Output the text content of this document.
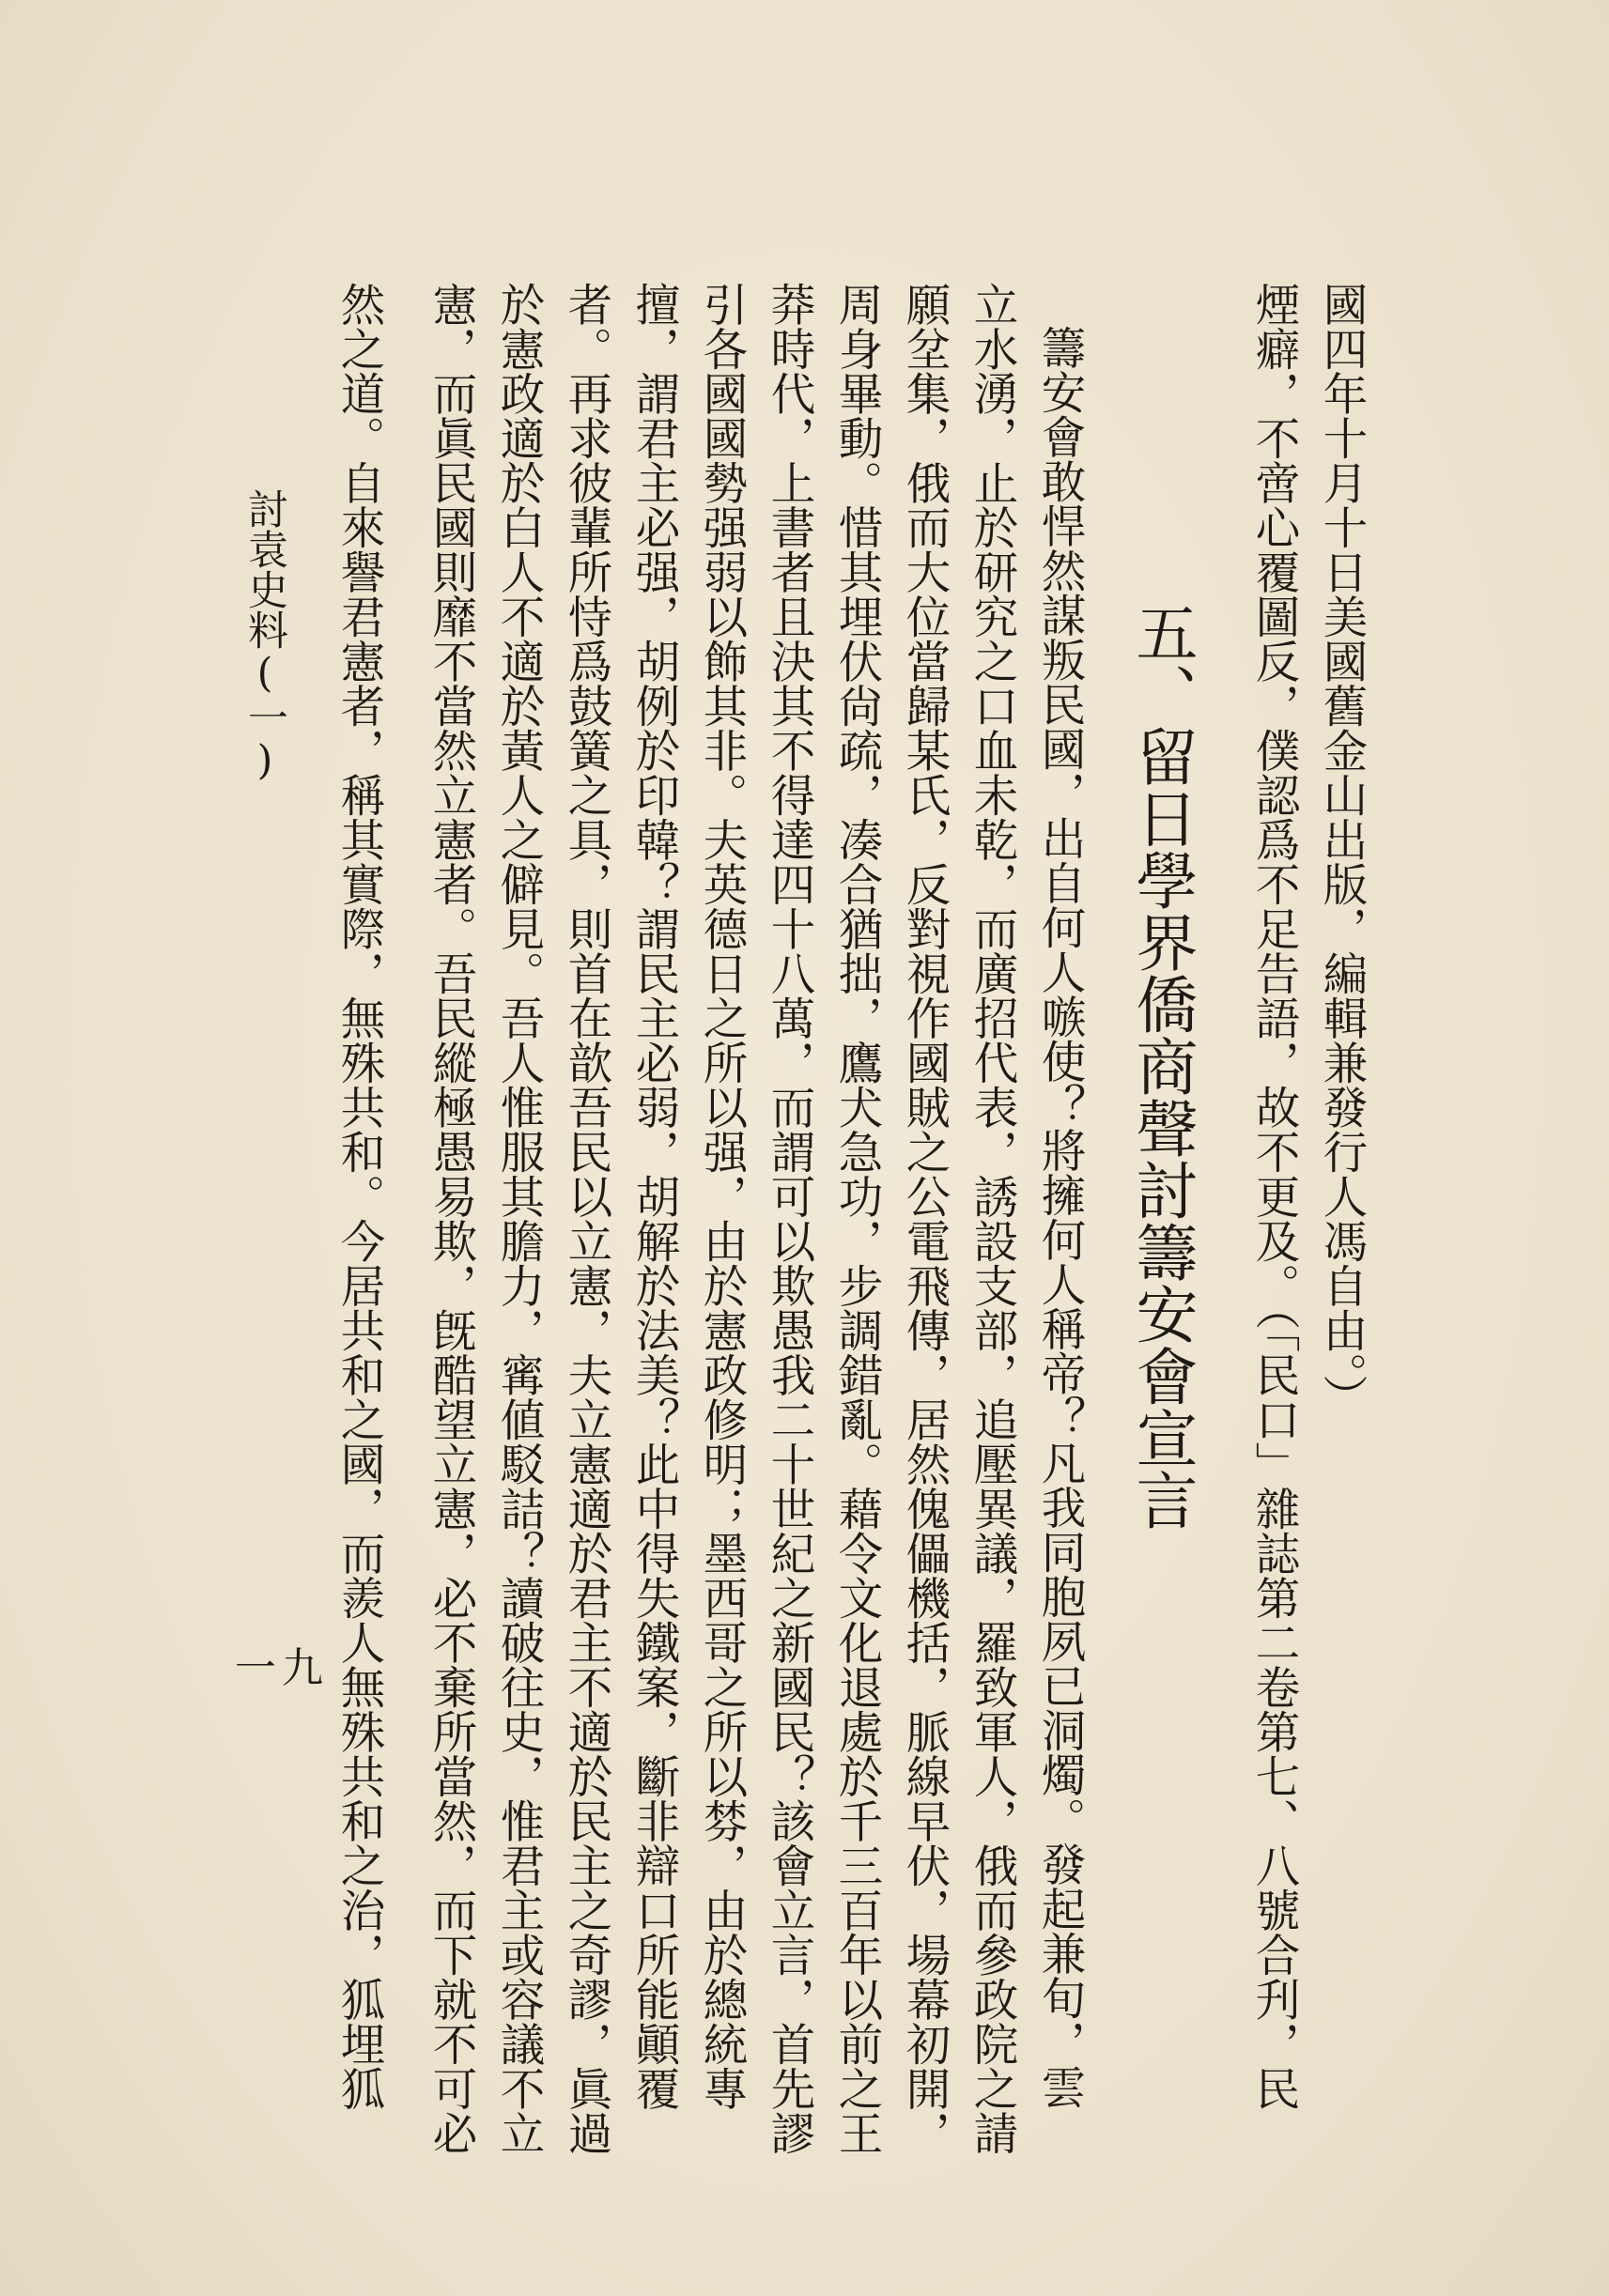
國四年十月十日美國舊金山出版，編輯兼發行人馮自由。）
煙癖，不啻心覆圖反，僕認爲不足告語，故不更及。（「民口」雜誌第二卷第七、八號合刋，民
五、留日學界僑商聲討籌安會宣言
籌安會敢悍然謀叛民國，出自何人嗾使？將擁何人稱帝？凡我同胞夙已洞燭。發起兼旬，雲
立水湧，止於研究之口血未乾，而廣招代表，誘設支部，追壓異議，羅致軍人，俄而參政院之請
願坌集，俄而大位當歸某氏，反對視作國賊之公電飛傳，居然傀儡機括，脈線早伏，場幕初開，
周身畢動。惜其埋伏尙疏，凑合猶拙，鷹犬急功，步調錯亂。藉令文化退處於千三百年以前之王
莽時代，上書者且決其不得達四十八萬，而謂可以欺愚我二十世紀之新國民？該會立言，首先謬
引各國國勢强弱以飾其非。夫英德日之所以强，由於憲政修明；墨西哥之所以棼，由於總統專
擅，謂君主必强，胡例於印韓？謂民主必弱，胡解於法美？此中得失鐵案，斷非辯口所能顚覆
者。再求彼輩所恃爲鼓簧之具，則首在歆吾民以立憲，夫立憲適於君主不適於民主之奇謬，眞過
於憲政適於白人不適於黃人之僻見。吾人惟服其膽力，寗値駁詰？讀破往史，惟君主或容議不立
憲，而眞民國則靡不當然立憲者。吾民縱極愚易欺，旣酷望立憲，必不棄所當然，而下就不可必
然之道。自來譽君憲者，稱其實際，無殊共和。今居共和之國，而羨人無殊共和之治，狐埋狐
討袁史料(一)
一九
